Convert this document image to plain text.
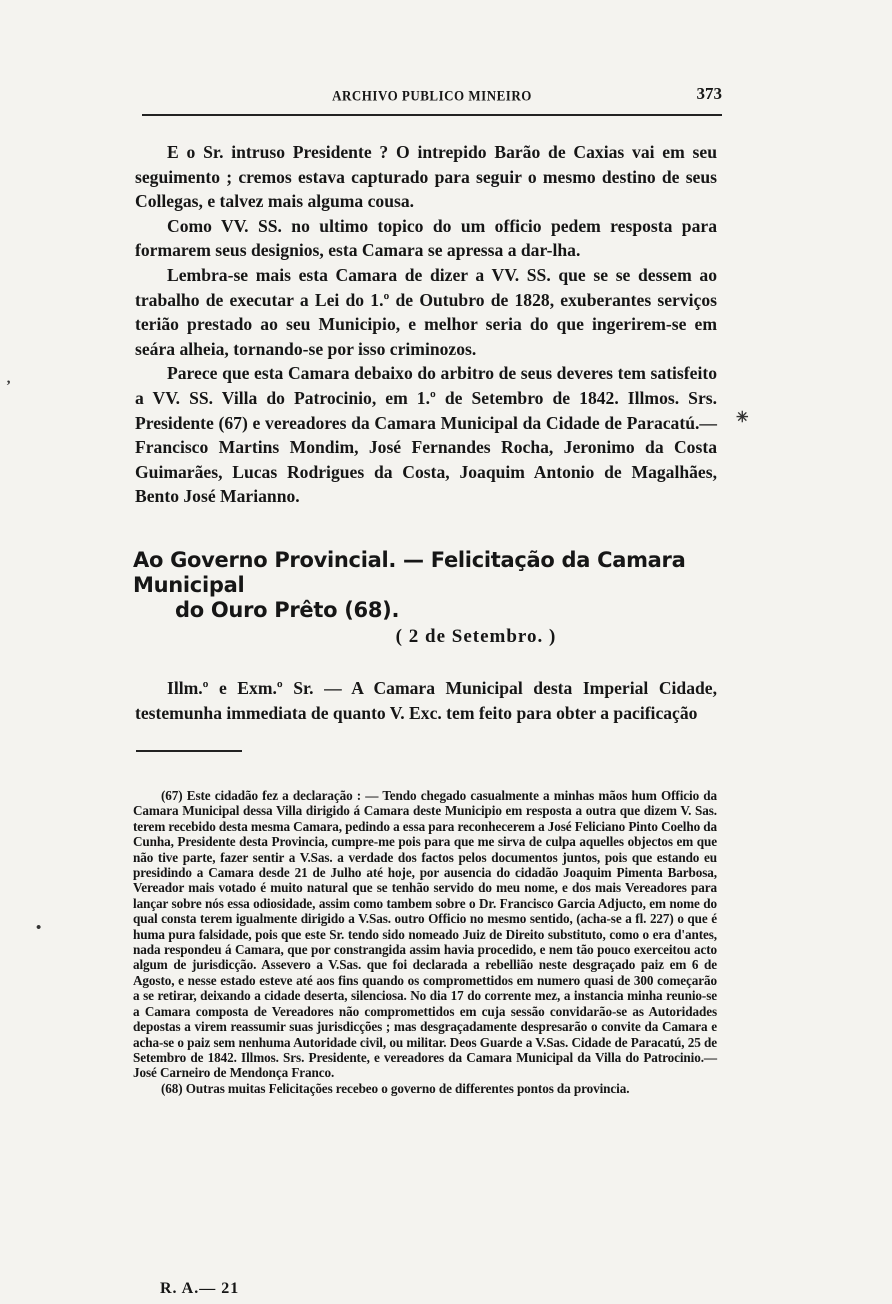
ARCHIVO PUBLICO MINEIRO	373

E o Sr. intruso Presidente ? O intrepido Barão de Caxias vai em seu seguimento ; cremos estava capturado para seguir o mesmo destino de seus Collegas, e talvez mais alguma cousa.

Como VV. SS. no ultimo topico do um officio pedem resposta para formarem seus designios, esta Camara se apressa a dar-lha.

Lembra-se mais esta Camara de dizer a VV. SS. que se se dessem ao trabalho de executar a Lei do 1.º de Outubro de 1828, exuberantes serviços terião prestado ao seu Municipio, e melhor seria do que ingerirem-se em seára alheia, tornando-se por isso criminozos.

Parece que esta Camara debaixo do arbitro de seus deveres tem satisfeito a VV. SS. Villa do Patrocinio, em 1.º de Setembro de 1842. Illmos. Srs. Presidente (67) e vereadores da Camara Municipal da Cidade de Paracatú.—Francisco Martins Mondim, José Fernandes Rocha, Jeronimo da Costa Guimarães, Lucas Rodrigues da Costa, Joaquim Antonio de Magalhães, Bento José Marianno.

Ao Governo Provincial. — Felicitação da Camara Municipal
do Ouro Prêto (68).
( 2 de Setembro. )

Illm.º e Exm.º Sr. — A Camara Municipal desta Imperial Cidade, testemunha immediata de quanto V. Exc. tem feito para obter a pacificação

(67) Este cidadão fez a declaração : — Tendo chegado casualmente a minhas mãos hum Officio da Camara Municipal dessa Villa dirigido á Camara deste Municipio em resposta a outra que dizem V. Sas. terem recebido desta mesma Camara, pedindo a essa para reconhecerem a José Feliciano Pinto Coelho da Cunha, Presidente desta Provincia, cumpre-me pois para que me sirva de culpa aquelles objectos em que não tive parte, fazer sentir a V.Sas. a verdade dos factos pelos documentos juntos, pois que estando eu presidindo a Camara desde 21 de Julho até hoje, por ausencia do cidadão Joaquim Pimenta Barbosa, Vereador mais votado é muito natural que se tenhão servido do meu nome, e dos mais Vereadores para lançar sobre nós essa odiosidade, assim como tambem sobre o Dr. Francisco Garcia Adjucto, em nome do qual consta terem igualmente dirigido a V.Sas. outro Officio no mesmo sentido, (acha-se a fl. 227) o que é huma pura falsidade, pois que este Sr. tendo sido nomeado Juiz de Direito substituto, como o era d'antes, nada respondeu á Camara, que por constrangida assim havia procedido, e nem tão pouco exerceitou acto algum de jurisdicção. Assevero a V.Sas. que foi declarada a rebellião neste desgraçado paiz em 6 de Agosto, e nesse estado esteve até aos fins quando os compromettidos em numero quasi de 300 começarão a se retirar, deixando a cidade deserta, silenciosa. No dia 17 do corrente mez, a instancia minha reunio-se a Camara composta de Vereadores não compromettidos em cuja sessão convidarão-se as Autoridades depostas a virem reassumir suas jurisdicções ; mas desgraçadamente despresarão o convite da Camara e acha-se o paiz sem nenhuma Autoridade civil, ou militar. Deos Guarde a V.Sas. Cidade de Paracatú, 25 de Setembro de 1842. Illmos. Srs. Presidente, e vereadores da Camara Municipal da Villa do Patrocinio.— José Carneiro de Mendonça Franco.

(68) Outras muitas Felicitações recebeo o governo de differentes pontos da provincia.

R. A.— 21
’
•
✳
